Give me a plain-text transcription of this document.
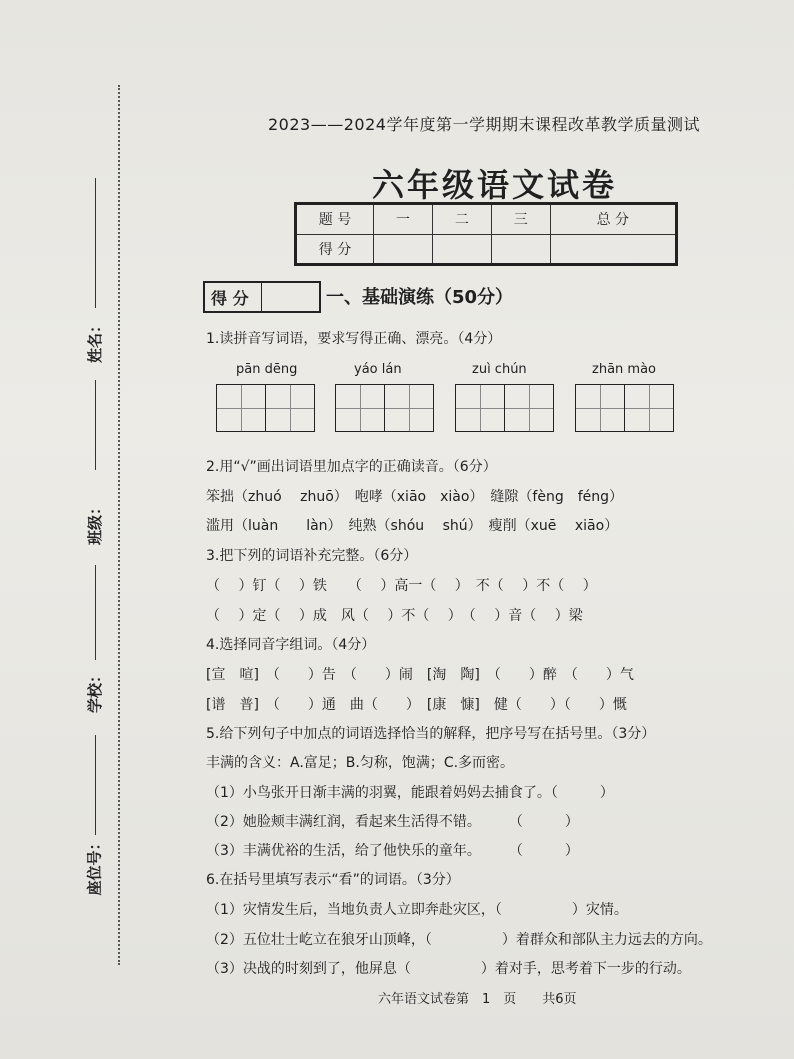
姓名：
班级：
学校：
座位号：
2023——2024学年度第一学期期末课程改革教学质量测试
六年级语文试卷
题 号	一	二	三	总 分
得 分				
得 分	一、基础演练（50分）
1.读拼音写词语，要求写得正确、漂亮。（4分）
pān dēng	yáo lán	zuì chún	zhān mào
2.用“√”画出词语里加点字的正确读音。（6分）
笨拙（zhuó　 zhuō）　咆哮（xiāo　xiào）　缝隙（fèng　féng）
滥用（luàn　　làn）　纯熟（shóu　 shú）　瘦削（xuē　 xiāo）
3.把下列的词语补充完整。（6分）
（　 ）钉（　 ）铁　　（　 ）高一（　 ）　不（　 ）不（　 ）
（　 ）定（　 ）成　风（　 ）不（　 ）　（　 ）音（　 ）梁
4.选择同音字组词。（4分）
[宣　喧]　（　　）告　（　　）闹　[淘　陶]　（　　）醉　（　　）气
[谱　普]　（　　）通　曲（　　）　[康　慷]　健（　　）（　　）慨
5.给下列句子中加点的词语选择恰当的解释，把序号写在括号里。（3分）
丰满的含义：A.富足；B.匀称，饱满；C.多而密。
（1）小鸟张开日渐丰满的羽翼，能跟着妈妈去捕食了。（　　　）
（2）她脸颊丰满红润，看起来生活得不错。　　　（　　　）
（3）丰满优裕的生活，给了他快乐的童年。　　　（　　　）
6.在括号里填写表示“看”的词语。（3分）
（1）灾情发生后，当地负责人立即奔赴灾区，（　　　　　）灾情。
（2）五位壮士屹立在狼牙山顶峰，（　　　　　）着群众和部队主力远去的方向。
（3）决战的时刻到了，他屏息（　　　　　）着对手，思考着下一步的行动。
六年语文试卷第　1　页　　共6页
